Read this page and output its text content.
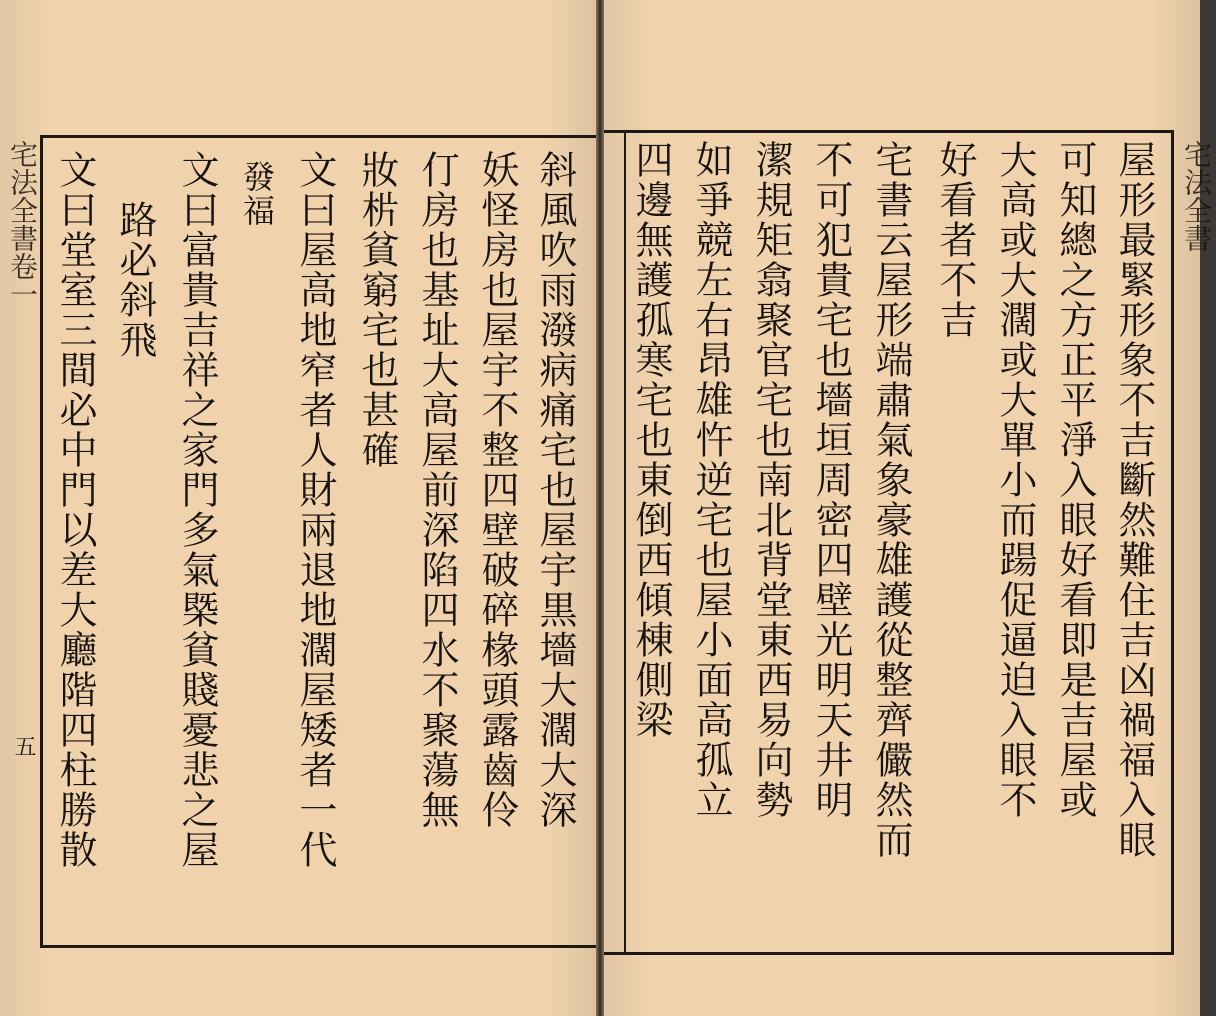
宅法全書卷一
五	斜風吹雨潑病痛宅也屋宇黒墻大濶大深
妖怪房也屋宇不整四壁破碎椽頭露齒伶
仃房也基址大高屋前深陷四水不聚蕩無
妝㭊貧窮宅也甚確
文曰屋高地窄者人財兩退地濶屋矮者一代
發福
文曰富貴吉祥之家門多氣槩貧賤憂悲之屋
路必斜飛
文曰堂室三間必中門以差大廳階四柱勝散	宅法全書
屋形最緊形象不吉斷然難住吉凶禍福入眼
可知總之方正平淨入眼好看即是吉屋或
大高或大濶或大單小而踼促逼迫入眼不
好看者不吉
宅書云屋形端肅氣象豪雄護從整齊儼然而
不可犯貴宅也墻垣周密四壁光明天井明
潔規矩翕聚官宅也南北背堂東西易向勢
如爭競左右昂雄忤逆宅也屋小面高孤立
四邊無護孤寒宅也東倒西傾棟側梁
